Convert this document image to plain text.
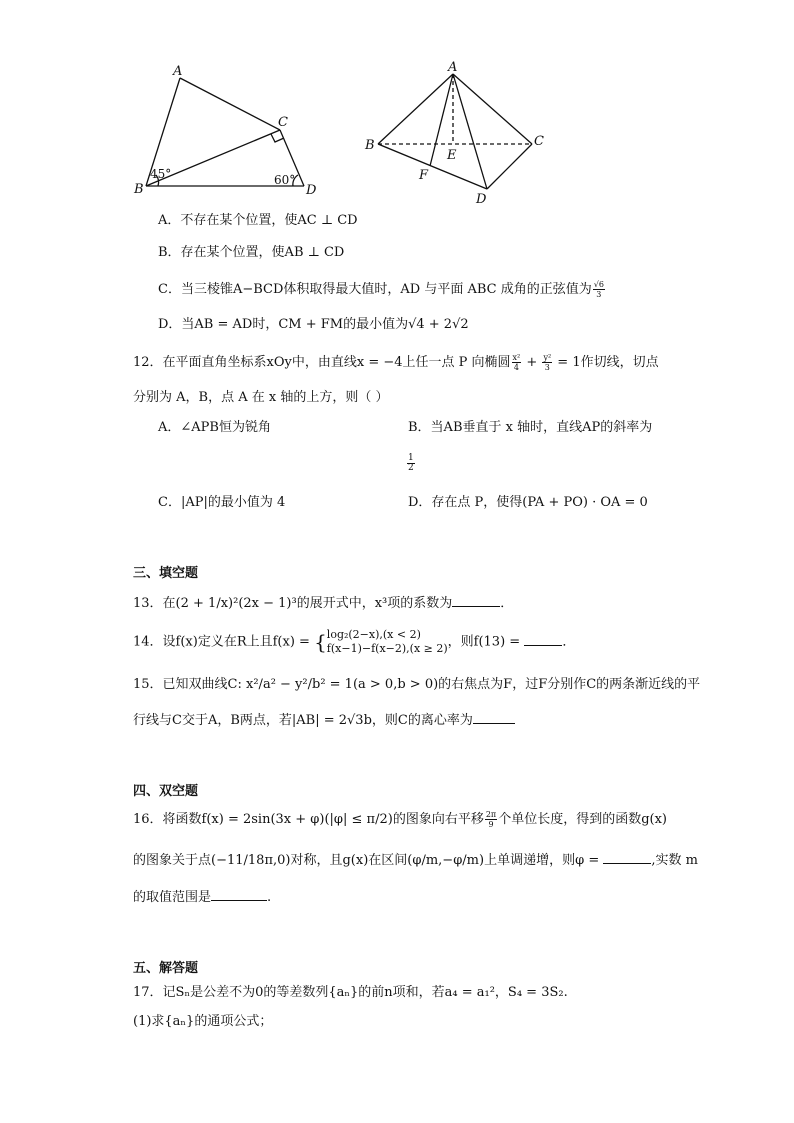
A
B
C
D
45°	60°
A
B	C
D
E
F
A．不存在某个位置，使AC ⊥ CD
B．存在某个位置，使AB ⊥ CD
C．当三棱锥A−BCD体积取得最大值时，AD 与平面 ABC 成角的正弦值为 $\frac{√6}{3}$
D．当AB = AD时，CM + FM的最小值为√4 + 2√2
12．在平面直角坐标系xOy中，由直线x = −4上任一点 P 向椭圆 $\frac{\text{x²}}{4} + \frac{\text{y²}}{3} = 1$作切线，切点
分别为 A，B，点 A 在 x 轴的上方，则（ ）
A．∠APB恒为锐角	B．当AB垂直于 x 轴时，直线AP的斜率为
$\frac{1}{2}$
C．|AP|的最小值为 4	D．存在点 P，使得(PA + PO) · OA = 0
三、填空题
13．在(2 + 1/x)²(2x − 1)³的展开式中，x³项的系数为	．
14．设f(x)定义在R上且f(x) = { log₂(2−x),(x < 2)
f(x−1)−f(x−2),(x ≥ 2) ，则f(13) =	．
15．已知双曲线C: x²/a² − y²/b² = 1(a > 0,b > 0)的右焦点为F，过F分别作C的两条渐近线的平
行线与C交于A，B两点，若|AB| = 2√3b，则C的离心率为
四、双空题
16．将函数f(x) = 2sin(3x + φ)(|φ| ≤ π/2)的图象向右平移 $\frac{2\pi}{9}$ 个单位长度，得到的函数g(x)
的图象关于点(−11/18π,0)对称，且g(x)在区间(φ/m,−φ/m)上单调递增，则φ =	,实数 m
的取值范围是	.
五、解答题
17．记Sₙ是公差不为0的等差数列{aₙ}的前n项和，若a₄ = a₁²，S₄ = 3S₂.
(1)求{aₙ}的通项公式；
